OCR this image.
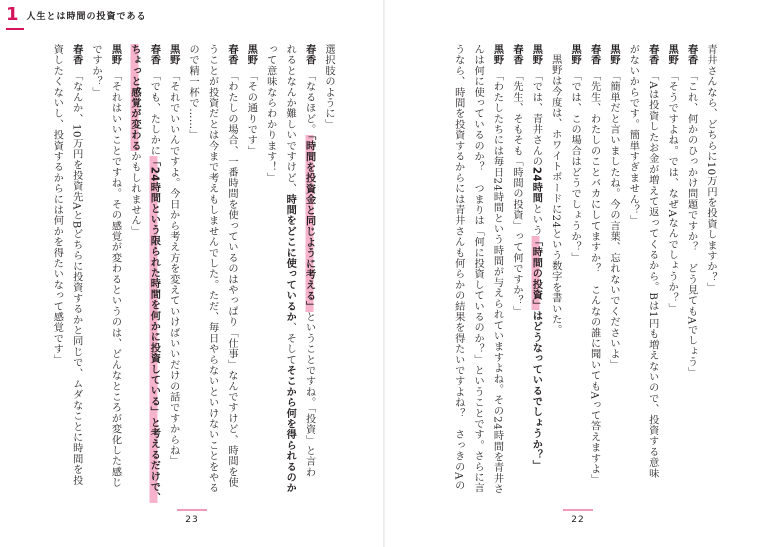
1 人生とは時間の投資である
選択肢のように」
春香「なるほど。「時間を投資金と同じように考える」ということですね。「投資」と言わ
れるとなんか難しいですけど、時間をどこに使っているか、そしてそこから何を得られるのか
って意味ならわかります！」
黒野「その通りです」
春香「わたしの場合、一番時間を使っているのはやっぱり「仕事」なんですけど、時間を使
うことが投資だとは今まで考えもしませんでした。ただ、毎日やらないといけないことをやる
ので精一杯で……」
黒野「それでいいんですよ。今日から考え方を変えていけばいいだけの話ですからね」
春香「でも、たしかに「24時間という限られた時間を何かに投資している」と考えるだけで、
ちょっと感覚が変わるかもしれません」
黒野「それはいいことですね。その感覚が変わるというのは、どんなところが変化した感じ
ですか？」
春香「なんか、10万円を投資先AとBどちらに投資するかと同じで、ムダなことに時間を投
資したくないし、投資するからには何かを得たいなって感覚です」	青井さんなら、どちらに10万円を投資しますか？」
春香「これ、何かのひっかけ問題ですか？　どう見てもAでしょう」
黒野「そうですよね。では、なぜAなんでしょうか？」
春香「Aは投資したお金が増えて返ってくるから。Bは1円も増えないので、投資する意味
がないからです。簡単すぎません？」
黒野「簡単だと言いましたね。今の言葉、忘れないでくださいよ」
春香「先生、わたしのことバカにしてますか？　こんなの誰に聞いてもAって答えますよ」
黒野「では、この場合はどうでしょうか？」
黒野は今度は、ホワイトボードに24という数字を書いた。
黒野「では、青井さんの24時間という「時間の投資」はどうなっているでしょうか？」
春香「先生、そもそも「時間の投資」って何ですか？」
黒野「わたしたちには毎日24時間という時間が与えられていますよね。その24時間を青井さ
んは何に使っているのか？　つまりは「何に投資しているのか？」ということです。さらに言
うなら、時間を投資するからには青井さんも何らかの結果を得たいですよね？　さっきのAの
23	22
